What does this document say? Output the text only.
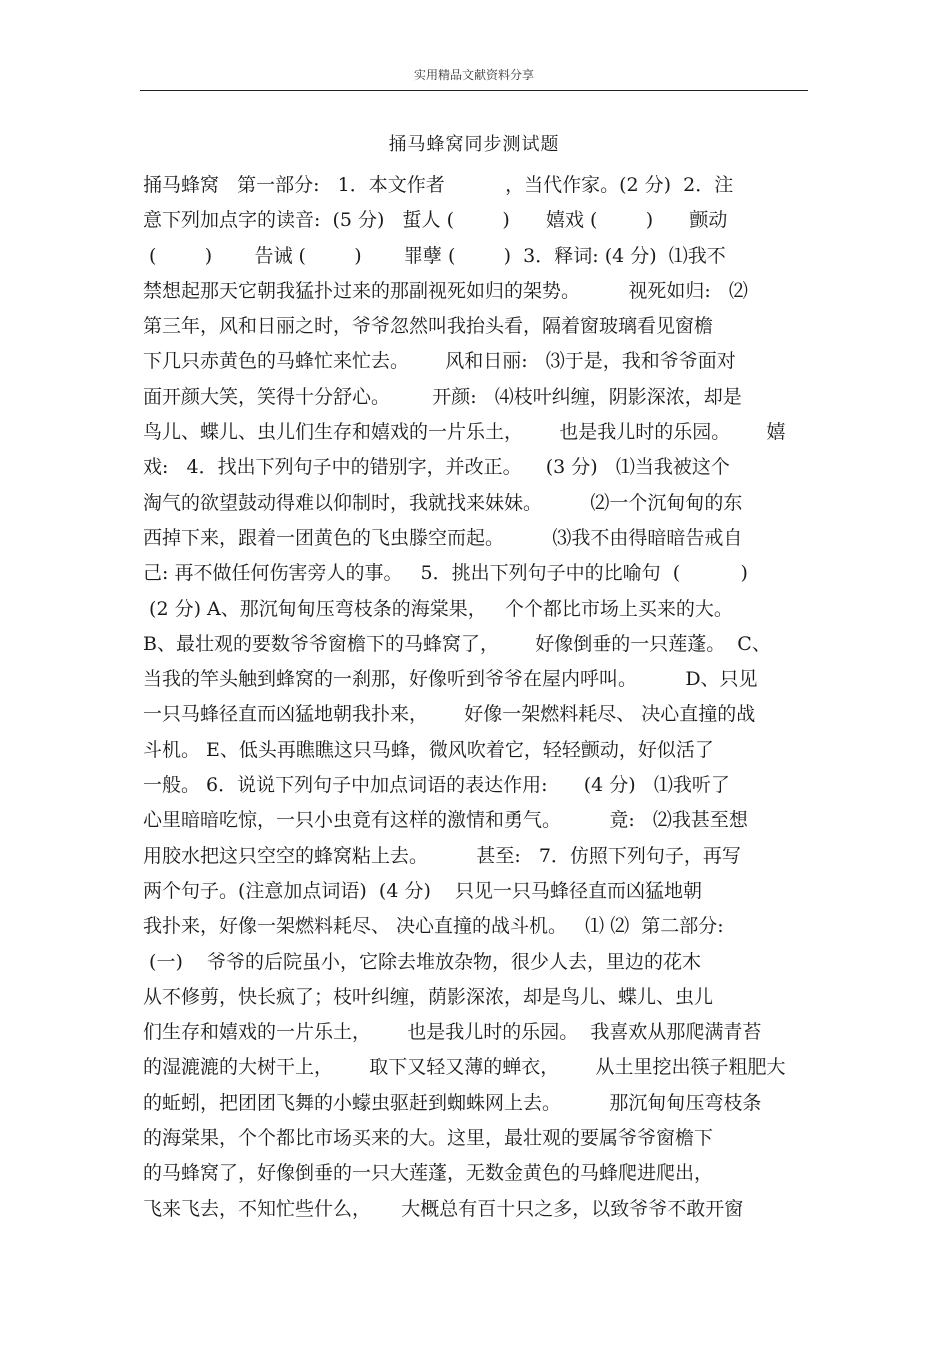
实用精品文献资料分享
捅马蜂窝同步测试题
捅马蜂窝   第一部分:   1．本文作者          ，当代作家。(2 分)  2．注
意下列加点字的读音:  (5 分)   蜇人 (        )      嬉戏 (        )      颤动
(        )       告诫 (        )       罪孽 (        )  3．释词: (4 分)  ⑴我不
禁想起那天它朝我猛扑过来的那副视死如归的架势。        视死如归:   ⑵
第三年，风和日丽之时，爷爷忽然叫我抬头看，隔着窗玻璃看见窗檐
下几只赤黄色的马蜂忙来忙去。      风和日丽:   ⑶于是，我和爷爷面对
面开颜大笑，笑得十分舒心。       开颜:   ⑷枝叶纠缠，阴影深浓，却是
鸟儿、蝶儿、虫儿们生存和嬉戏的一片乐土，      也是我儿时的乐园。      嬉
戏:   4．找出下列句子中的错别字，并改正。    (3 分)   ⑴当我被这个
淘气的欲望鼓动得难以仰制时，我就找来妹妹。        ⑵一个沉甸甸的东
西掉下来，跟着一团黄色的飞虫滕空而起。        ⑶我不由得暗暗告戒自
己: 再不做任何伤害旁人的事。   5．挑出下列句子中的比喻句  (          )
(2 分) A、那沉甸甸压弯枝条的海棠果，   个个都比市场上买来的大。
B、最壮观的要数爷爷窗檐下的马蜂窝了，      好像倒垂的一只莲蓬。  C、
当我的竿头触到蜂窝的一刹那，好像听到爷爷在屋内呼叫。        D、只见
一只马蜂径直而凶猛地朝我扑来，      好像一架燃料耗尽、 决心直撞的战
斗机。 E、低头再瞧瞧这只马蜂，微风吹着它，轻轻颤动，好似活了
一般。 6．说说下列句子中加点词语的表达作用:      (4 分)   ⑴我听了
心里暗暗吃惊，一只小虫竟有这样的激情和勇气。        竟:   ⑵我甚至想
用胶水把这只空空的蜂窝粘上去。        甚至:   7．仿照下列句子，再写
两个句子。(注意加点词语)  (4 分)    只见一只马蜂径直而凶猛地朝
我扑来，好像一架燃料耗尽、 决心直撞的战斗机。   ⑴ ⑵  第二部分:
(一)    爷爷的后院虽小，它除去堆放杂物，很少人去，里边的花木
从不修剪，快长疯了；枝叶纠缠，荫影深浓，却是鸟儿、蝶儿、虫儿
们生存和嬉戏的一片乐土，      也是我儿时的乐园。  我喜欢从那爬满青苔
的湿漉漉的大树干上，      取下又轻又薄的蝉衣，      从土里挖出筷子粗肥大
的蚯蚓，把团团飞舞的小蠓虫驱赶到蜘蛛网上去。        那沉甸甸压弯枝条
的海棠果，个个都比市场买来的大。这里，最壮观的要属爷爷窗檐下
的马蜂窝了，好像倒垂的一只大莲蓬，无数金黄色的马蜂爬进爬出，
飞来飞去，不知忙些什么，     大概总有百十只之多，以致爷爷不敢开窗
